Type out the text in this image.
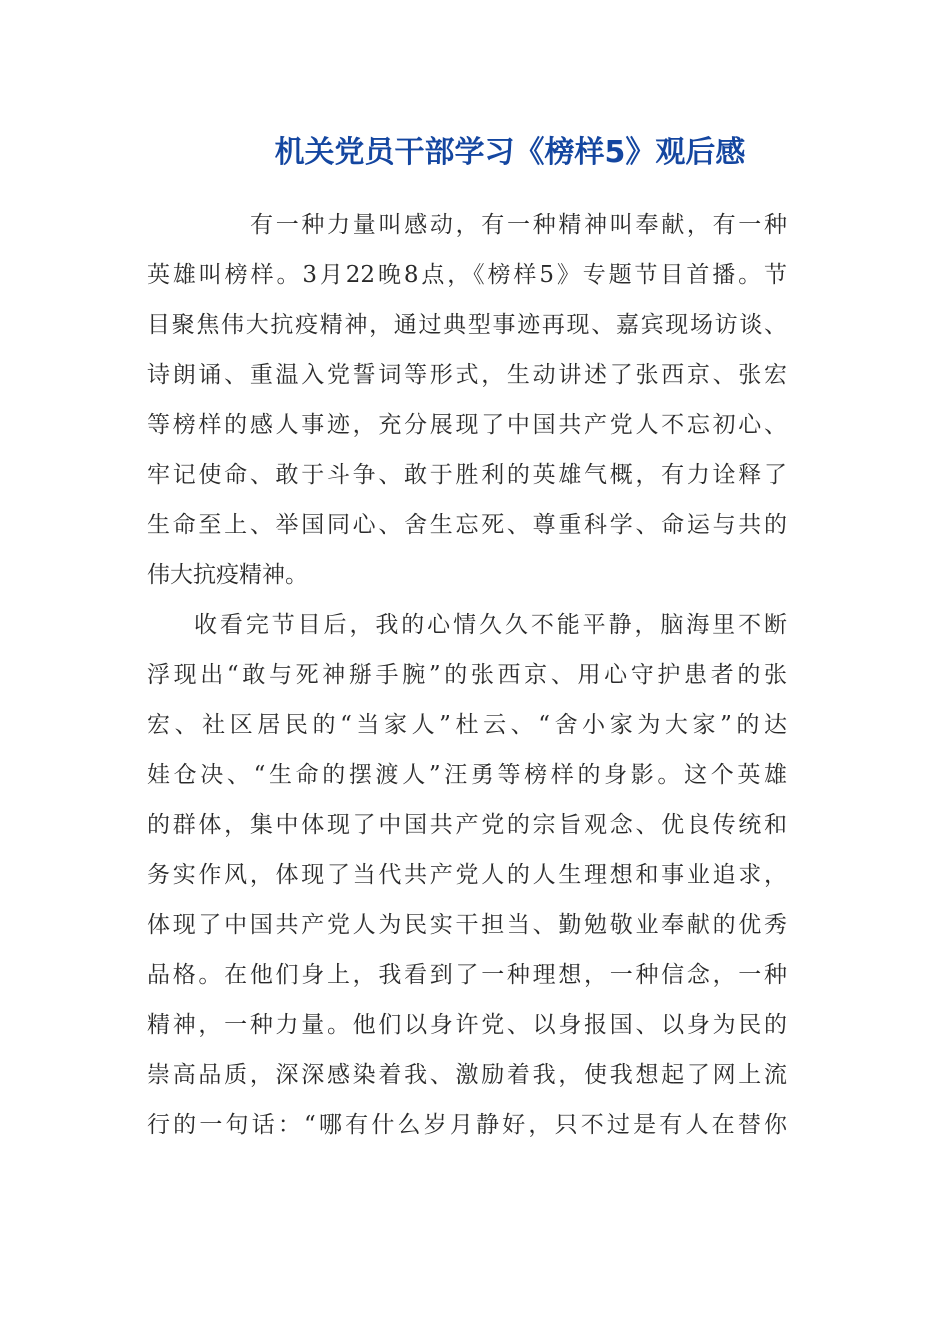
机关党员干部学习《榜样5》观后感
有一种力量叫感动，有一种精神叫奉献，有一种
英雄叫榜样。3月22晚8点，《榜样5》专题节目首播。节
目聚焦伟大抗疫精神，通过典型事迹再现、嘉宾现场访谈、
诗朗诵、重温入党誓词等形式，生动讲述了张西京、张宏
等榜样的感人事迹，充分展现了中国共产党人不忘初心、
牢记使命、敢于斗争、敢于胜利的英雄气概，有力诠释了
生命至上、举国同心、舍生忘死、尊重科学、命运与共的
伟大抗疫精神。
收看完节目后，我的心情久久不能平静，脑海里不断
浮现出“敢与死神掰手腕”的张西京、用心守护患者的张
宏、社区居民的“当家人”杜云、“舍小家为大家”的达
娃仓决、“生命的摆渡人”汪勇等榜样的身影。这个英雄
的群体，集中体现了中国共产党的宗旨观念、优良传统和
务实作风，体现了当代共产党人的人生理想和事业追求，
体现了中国共产党人为民实干担当、勤勉敬业奉献的优秀
品格。在他们身上，我看到了一种理想，一种信念，一种
精神，一种力量。他们以身许党、以身报国、以身为民的
崇高品质，深深感染着我、激励着我，使我想起了网上流
行的一句话：“哪有什么岁月静好，只不过是有人在替你
